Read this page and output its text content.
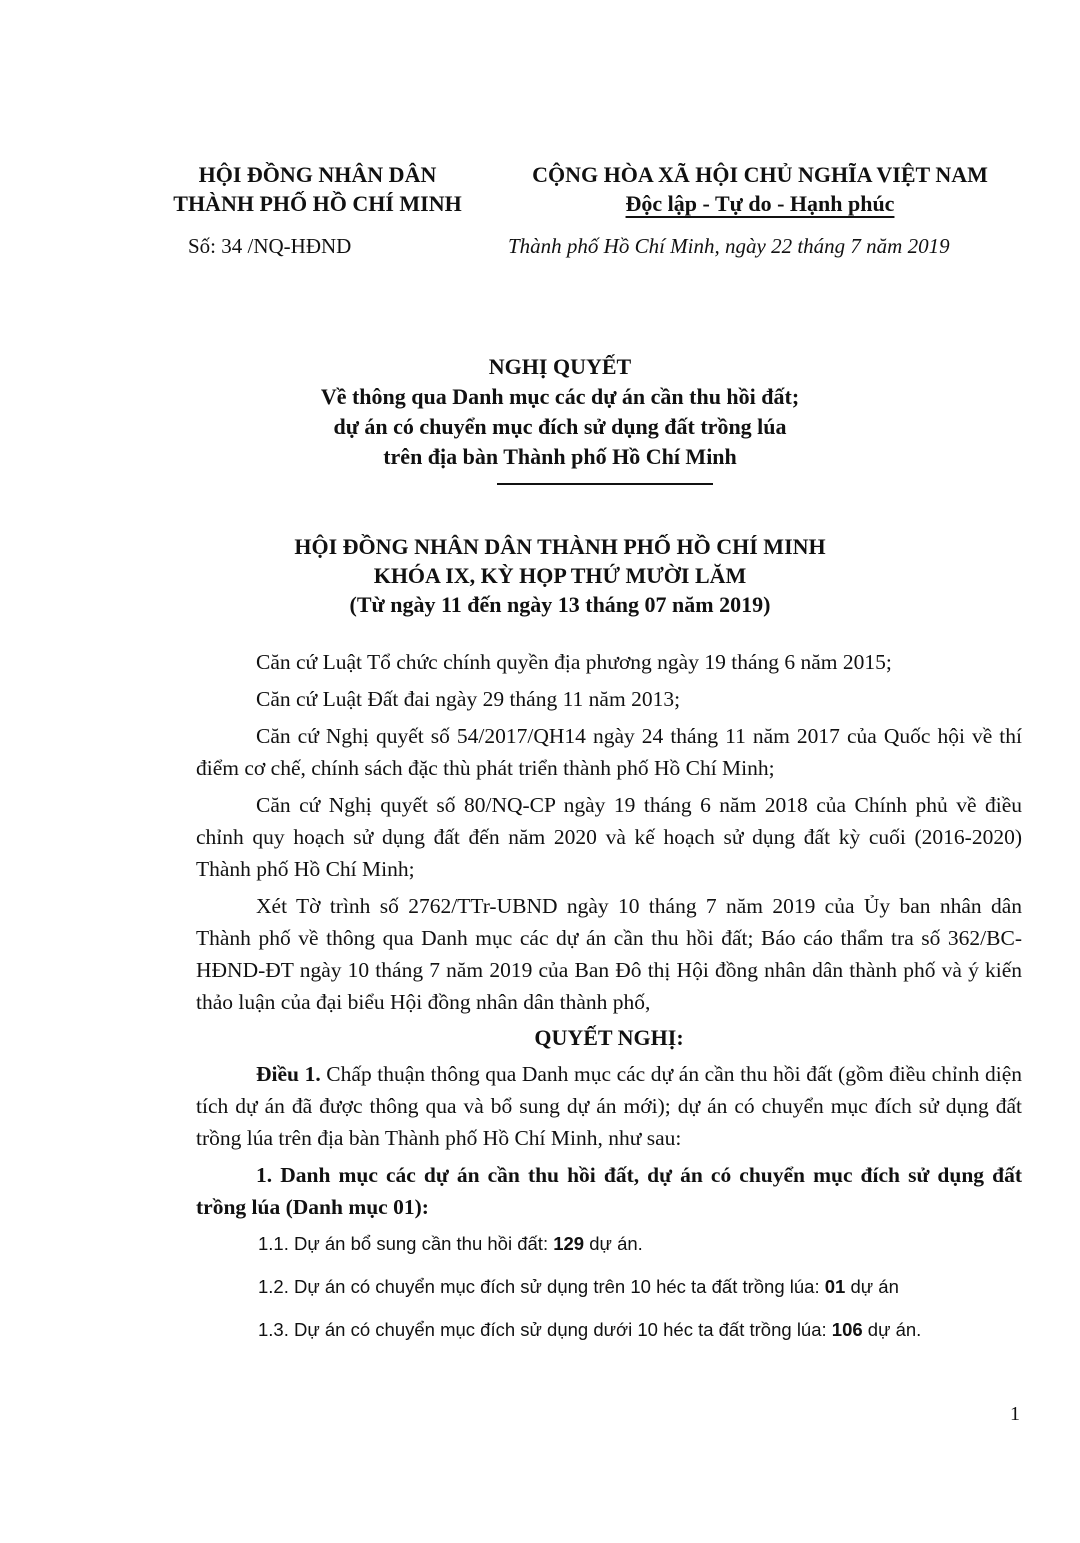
HỘI ĐỒNG NHÂN DÂN
THÀNH PHỐ HỒ CHÍ MINH
CỘNG HÒA XÃ HỘI CHỦ NGHĨA VIỆT NAM
Độc lập - Tự do - Hạnh phúc
Số: 34 /NQ-HĐND	Thành phố Hồ Chí Minh, ngày 22 tháng 7 năm 2019
NGHỊ QUYẾT
Về thông qua Danh mục các dự án cần thu hồi đất;
dự án có chuyển mục đích sử dụng đất trồng lúa
trên địa bàn Thành phố Hồ Chí Minh
HỘI ĐỒNG NHÂN DÂN THÀNH PHỐ HỒ CHÍ MINH
KHÓA IX, KỲ HỌP THỨ MƯỜI LĂM
(Từ ngày 11 đến ngày 13 tháng 07 năm 2019)

Căn cứ Luật Tổ chức chính quyền địa phương ngày 19 tháng 6 năm 2015;

Căn cứ Luật Đất đai ngày 29 tháng 11 năm 2013;

Căn cứ Nghị quyết số 54/2017/QH14 ngày 24 tháng 11 năm 2017 của Quốc hội về thí điểm cơ chế, chính sách đặc thù phát triển thành phố Hồ Chí Minh;

Căn cứ Nghị quyết số 80/NQ-CP ngày 19 tháng 6 năm 2018 của Chính phủ về điều chỉnh quy hoạch sử dụng đất đến năm 2020 và kế hoạch sử dụng đất kỳ cuối (2016-2020) Thành phố Hồ Chí Minh;

Xét Tờ trình số 2762/TTr-UBND ngày 10 tháng 7 năm 2019 của Ủy ban nhân dân Thành phố về thông qua Danh mục các dự án cần thu hồi đất; Báo cáo thẩm tra số 362/BC-HĐND-ĐT ngày 10 tháng 7 năm 2019 của Ban Đô thị Hội đồng nhân dân thành phố và ý kiến thảo luận của đại biểu Hội đồng nhân dân thành phố,

QUYẾT NGHỊ:

Điều 1. Chấp thuận thông qua Danh mục các dự án cần thu hồi đất (gồm điều chỉnh diện tích dự án đã được thông qua và bổ sung dự án mới); dự án có chuyển mục đích sử dụng đất trồng lúa trên địa bàn Thành phố Hồ Chí Minh, như sau:

1. Danh mục các dự án cần thu hồi đất, dự án có chuyển mục đích sử dụng đất trồng lúa (Danh mục 01):

1.1. Dự án bổ sung cần thu hồi đất: 129 dự án.

1.2. Dự án có chuyển mục đích sử dụng trên 10 héc ta đất trồng lúa: 01 dự án

1.3. Dự án có chuyển mục đích sử dụng dưới 10 héc ta đất trồng lúa: 106 dự án.

1
